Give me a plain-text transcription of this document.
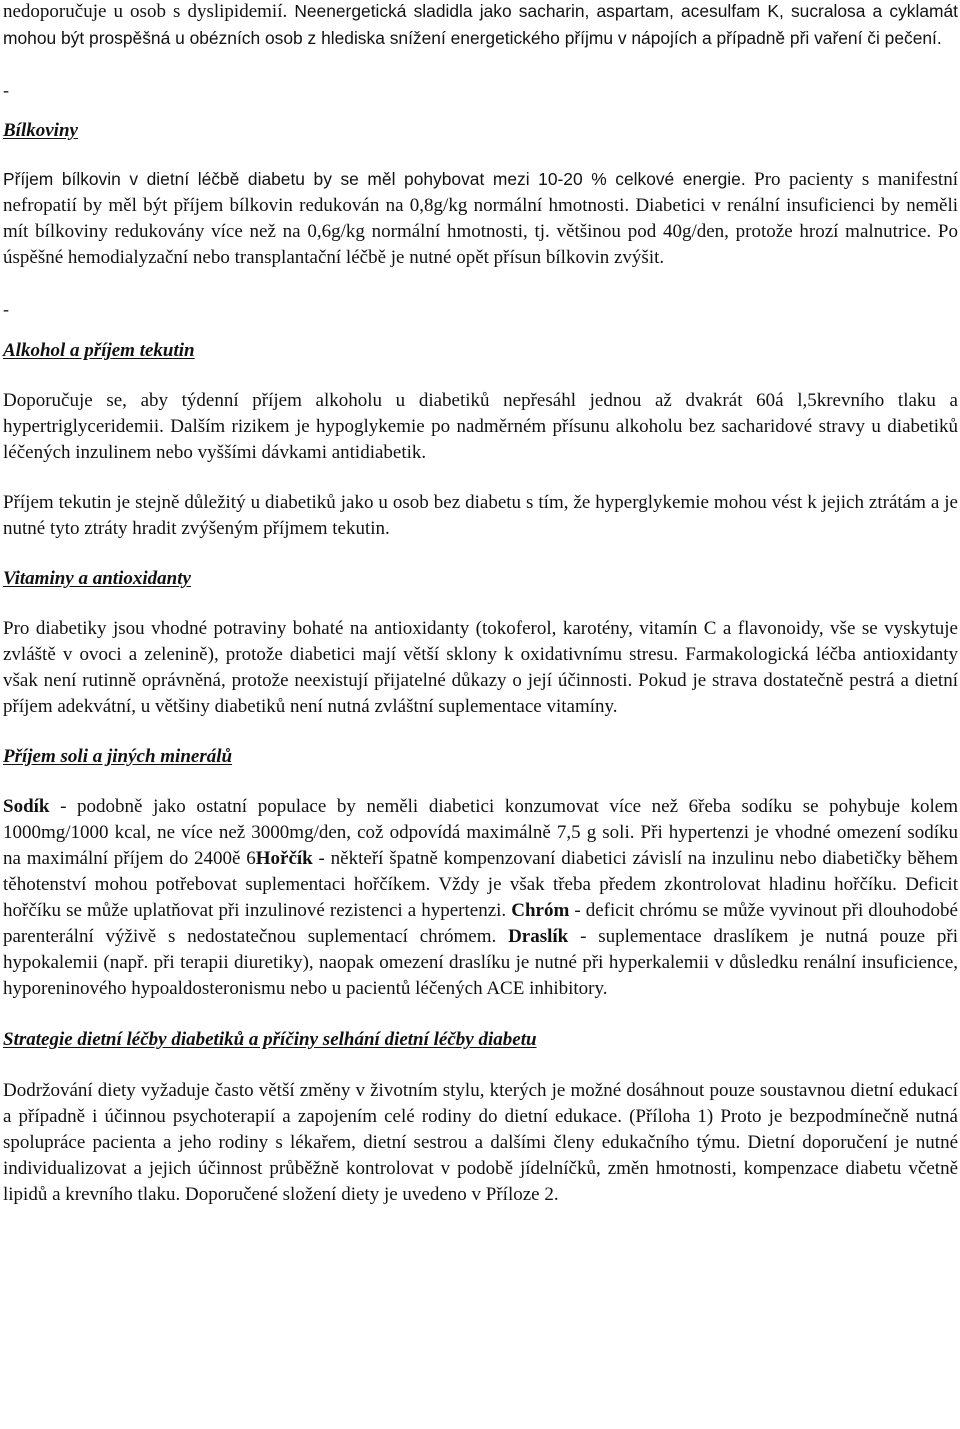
nedoporučuje u osob s dyslipidemií. Neenergetická sladidla jako sacharin, aspartam, acesulfam K, sucralosa a cyklamát mohou být prospěšná u obézních osob z hlediska snížení energetického příjmu v nápojích a případně při vaření či pečení.

-

Bílkoviny

Příjem bílkovin v dietní léčbě diabetu by se měl pohybovat mezi 10-20 % celkové energie. Pro pacienty s manifestní nefropatií by měl být příjem bílkovin redukován na 0,8g/kg normální hmotnosti. Diabetici v renální insuficienci by neměli mít bílkoviny redukovány více než na 0,6g/kg normální hmotnosti, tj. většinou pod 40g/den, protože hrozí malnutrice. Po úspěšné hemodialyzační nebo transplantační léčbě je nutné opět přísun bílkovin zvýšit.

-

Alkohol a příjem tekutin

Doporučuje se, aby týdenní příjem alkoholu u diabetiků nepřesáhl jednou až dvakrát 60á l,5krevního tlaku a hypertriglyceridemii. Dalším rizikem je hypoglykemie po nadměrném přísunu alkoholu bez sacharidové stravy u diabetiků léčených inzulinem nebo vyššími dávkami antidiabetik.

Příjem tekutin je stejně důležitý u diabetiků jako u osob bez diabetu s tím, že hyperglykemie mohou vést k jejich ztrátám a je nutné tyto ztráty hradit zvýšeným příjmem tekutin.

Vitaminy a antioxidanty

Pro diabetiky jsou vhodné potraviny bohaté na antioxidanty (tokoferol, karotény, vitamín C a flavonoidy, vše se vyskytuje zvláště v ovoci a zelenině), protože diabetici mají větší sklony k oxidativnímu stresu. Farmakologická léčba antioxidanty však není rutinně oprávněná, protože neexistují přijatelné důkazy o její účinnosti. Pokud je strava dostatečně pestrá a dietní příjem adekvátní, u většiny diabetiků není nutná zvláštní suplementace vitamíny.

Příjem soli a jiných minerálů

Sodík - podobně jako ostatní populace by neměli diabetici konzumovat více než 6řeba sodíku se pohybuje kolem 1000mg/1000 kcal, ne více než 3000mg/den, což odpovídá maximálně 7,5 g soli. Při hypertenzi je vhodné omezení sodíku na maximální příjem do 2400ě 6Hořčík - někteří špatně kompenzovaní diabetici závislí na inzulinu nebo diabetičky během těhotenství mohou potřebovat suplementaci hořčíkem. Vždy je však třeba předem zkontrolovat hladinu hořčíku. Deficit hořčíku se může uplatňovat při inzulinové rezistenci a hypertenzi. Chróm - deficit chrómu se může vyvinout při dlouhodobé parenterální výživě s nedostatečnou suplementací chrómem. Draslík - suplementace draslíkem je nutná pouze při hypokalemii (např. při terapii diuretiky), naopak omezení draslíku je nutné při hyperkalemii v důsledku renální insuficience, hyporeninového hypoaldosteronismu nebo u pacientů léčených ACE inhibitory.

Strategie dietní léčby diabetiků a příčiny selhání dietní léčby diabetu

Dodržování diety vyžaduje často větší změny v životním stylu, kterých je možné dosáhnout pouze soustavnou dietní edukací a případně i účinnou psychoterapií a zapojením celé rodiny do dietní edukace. (Příloha 1) Proto je bezpodmínečně nutná spolupráce pacienta a jeho rodiny s lékařem, dietní sestrou a dalšími členy edukačního týmu. Dietní doporučení je nutné individualizovat a jejich účinnost průběžně kontrolovat v podobě jídelníčků, změn hmotnosti, kompenzace diabetu včetně lipidů a krevního tlaku. Doporučené složení diety je uvedeno v Příloze 2.
